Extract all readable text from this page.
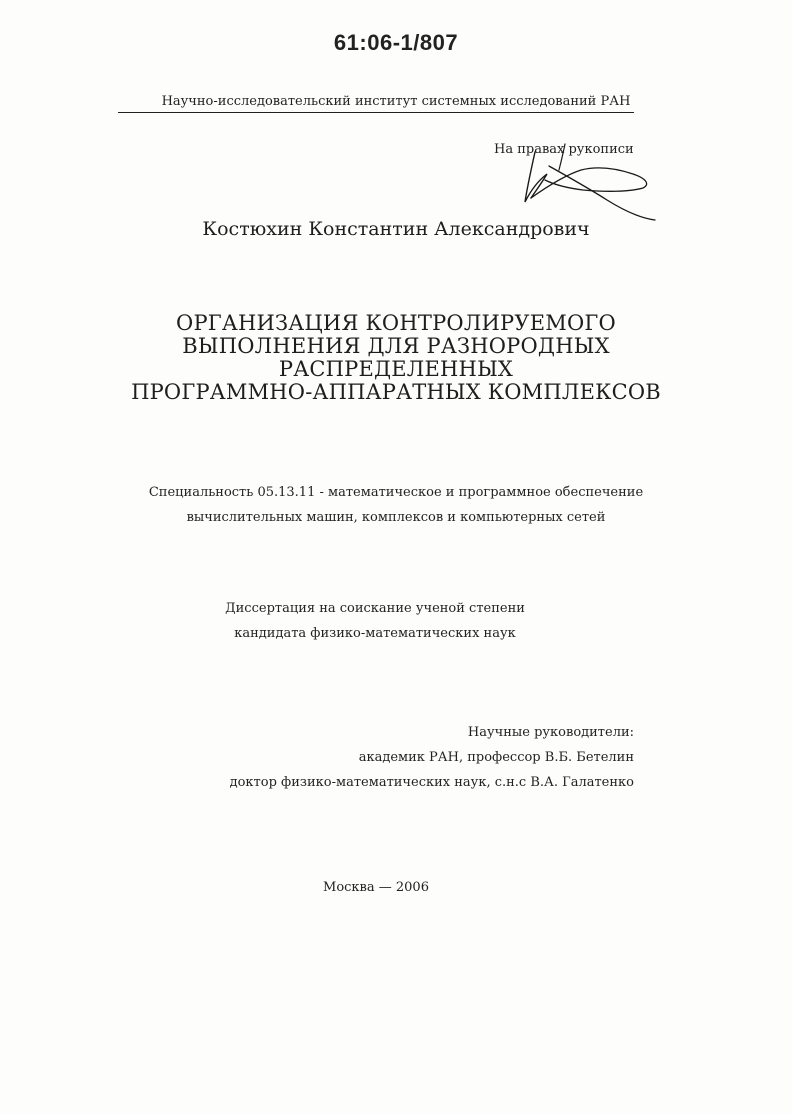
61:06-1/807
Научно-исследовательский институт системных исследований РАН
На правах рукописи
Костюхин Константин Александрович
ОРГАНИЗАЦИЯ КОНТРОЛИРУЕМОГО
ВЫПОЛНЕНИЯ ДЛЯ РАЗНОРОДНЫХ
РАСПРЕДЕЛЕННЫХ
ПРОГРАММНО-АППАРАТНЫХ КОМПЛЕКСОВ
Специальность 05.13.11 - математическое и программное обеспечение
вычислительных машин, комплексов и компьютерных сетей
Диссертация на соискание ученой степени
кандидата физико-математических наук
Научные руководители:
академик РАН, профессор В.Б. Бетелин
доктор физико-математических наук, с.н.с В.А. Галатенко
Москва — 2006
